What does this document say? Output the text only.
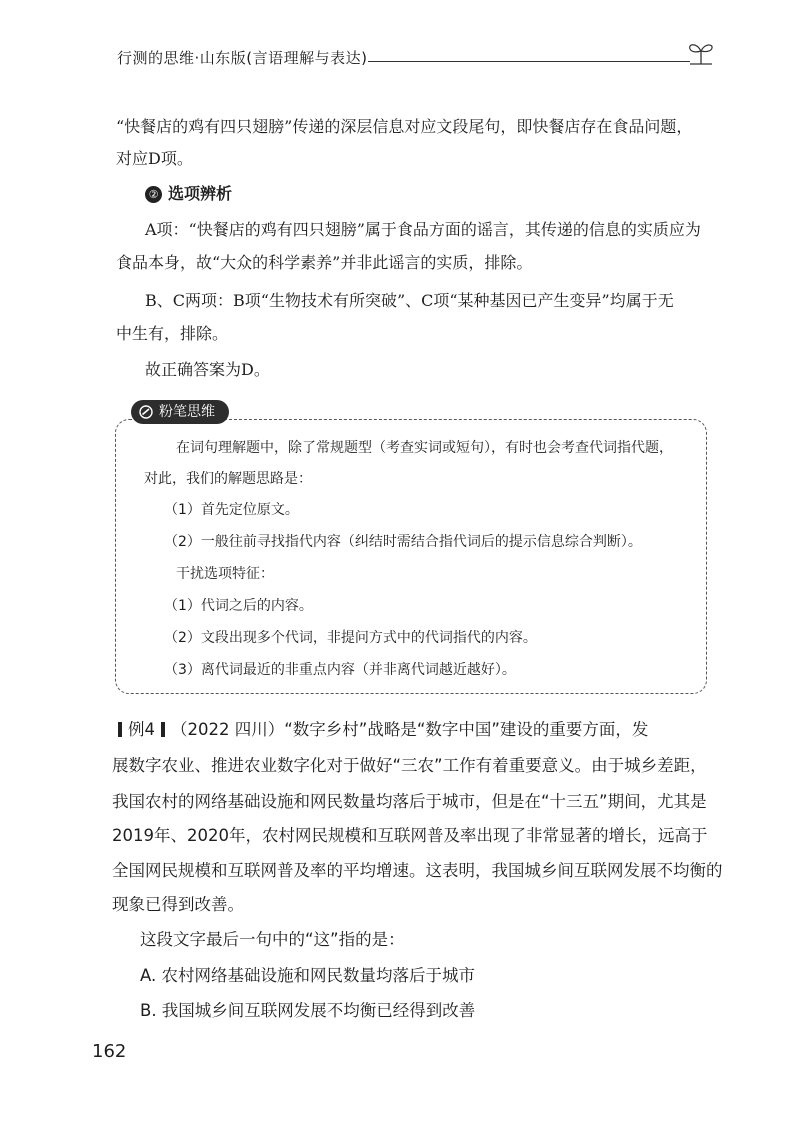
行测的思维·山东版(言语理解与表达)
“快餐店的鸡有四只翅膀”传递的深层信息对应文段尾句，即快餐店存在食品问题，
对应D项。
② 选项辨析
A项：“快餐店的鸡有四只翅膀”属于食品方面的谣言，其传递的信息的实质应为
食品本身，故“大众的科学素养”并非此谣言的实质，排除。
B、C两项：B项“生物技术有所突破”、C项“某种基因已产生变异”均属于无
中生有，排除。
故正确答案为D。
粉笔思维
在词句理解题中，除了常规题型（考查实词或短句），有时也会考查代词指代题，
对此，我们的解题思路是：
（1）首先定位原文。
（2）一般往前寻找指代内容（纠结时需结合指代词后的提示信息综合判断）。
干扰选项特征：
（1）代词之后的内容。
（2）文段出现多个代词，非提问方式中的代词指代的内容。
（3）离代词最近的非重点内容（并非离代词越近越好）。
例4 （2022 四川）“数字乡村”战略是“数字中国”建设的重要方面，发
展数字农业、推进农业数字化对于做好“三农”工作有着重要意义。由于城乡差距，
我国农村的网络基础设施和网民数量均落后于城市，但是在“十三五”期间，尤其是
2019年、2020年，农村网民规模和互联网普及率出现了非常显著的增长，远高于
全国网民规模和互联网普及率的平均增速。这表明，我国城乡间互联网发展不均衡的
现象已得到改善。
这段文字最后一句中的“这”指的是：
A. 农村网络基础设施和网民数量均落后于城市
B. 我国城乡间互联网发展不均衡已经得到改善
162
